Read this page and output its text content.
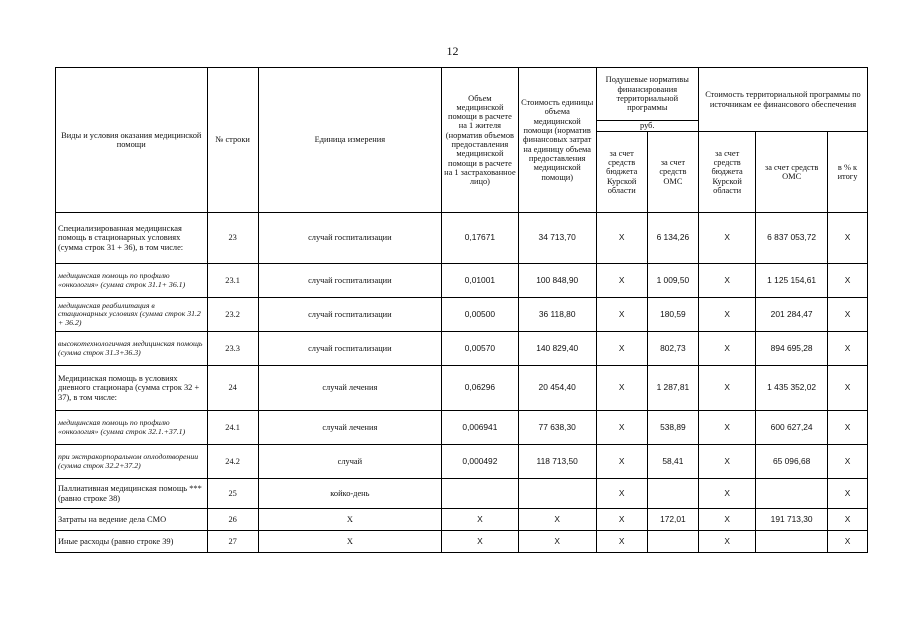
12
Виды и условия оказания медицинской помощи	№ строки	Единица измерения	Объем медицинской помощи в расчете на 1 жителя (норматив объемов предоставления медицинской помощи в расчете на 1 застрахованное лицо)	Стоимость единицы объема медицинской помощи (норматив финансовых затрат на единицу объема предоставления медицинской помощи)	Подушевые нормативы финансирования территориальной программы		Стоимость территориальной программы по источникам ее финансового обеспечения		
					руб.				
					за счет средств бюджета Курской области	за счет средств ОМС	за счет средств бюджета Курской области	за счет средств ОМС	в % к итогу
Специализированная медицинская помощь в стационарных условиях (сумма строк 31 + 36), в том числе:	23	случай госпитализации	0,17671	34 713,70	Х	6 134,26	Х	6 837 053,72	Х
медицинская помощь по профилю «онкология» (сумма строк 31.1+ 36.1)	23.1	случай госпитализации	0,01001	100 848,90	Х	1 009,50	Х	1 125 154,61	Х
медицинская реабилитация в стационарных условиях (сумма строк 31.2 + 36.2)	23.2	случай госпитализации	0,00500	36 118,80	Х	180,59	Х	201 284,47	Х
высокотехнологичная медицинская помощь (сумма строк 31.3+36.3)	23.3	случай госпитализации	0,00570	140 829,40	Х	802,73	Х	894 695,28	Х
Медицинская помощь в условиях дневного стационара (сумма строк 32 + 37), в том числе:	24	случай лечения	0,06296	20 454,40	Х	1 287,81	Х	1 435 352,02	Х
медицинская помощь по профилю «онкология» (сумма строк 32.1.+37.1)	24.1	случай лечения	0,006941	77 638,30	Х	538,89	Х	600 627,24	Х
при экстракорпоральном оплодотворении (сумма строк 32.2+37.2)	24.2	случай	0,000492	118 713,50	Х	58,41	Х	65 096,68	Х
Паллиативная медицинская помощь *** (равно строке 38)	25	койко-день			Х		Х		Х
Затраты на ведение дела СМО	26	Х	Х	Х	Х	172,01	Х	191 713,30	Х
Иные расходы (равно строке 39)	27	Х	Х	Х	Х		Х		Х
